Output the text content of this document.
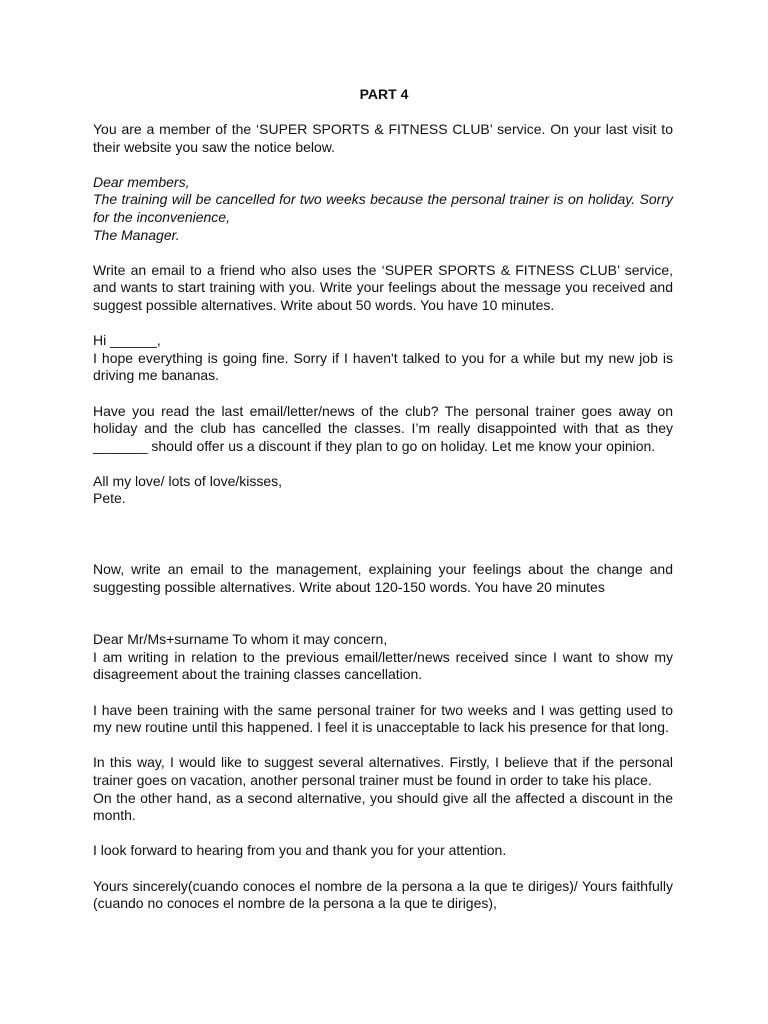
PART 4

You are a member of the ‘SUPER SPORTS & FITNESS CLUB’ service. On your last visit to their website you saw the notice below.

Dear members,
The training will be cancelled for two weeks because the personal trainer is on holiday. Sorry for the inconvenience,
The Manager.

Write an email to a friend who also uses the ‘SUPER SPORTS & FITNESS CLUB’ service, and wants to start training with you. Write your feelings about the message you received and suggest possible alternatives. Write about 50 words. You have 10 minutes.

Hi ______,

I hope everything is going fine. Sorry if I haven't talked to you for a while but my new job is driving me bananas.

Have you read the last email/letter/news of the club? The personal trainer goes away on holiday and the club has cancelled the classes. I’m really disappointed with that as they _______ should offer us a discount if they plan to go on holiday. Let me know your opinion.

All my love/ lots of love/kisses,
Pete.

Now, write an email to the management, explaining your feelings about the change and suggesting possible alternatives. Write about 120-150 words. You have 20 minutes

Dear Mr/Ms+surname To whom it may concern,

I am writing in relation to the previous email/letter/news received since I want to show my disagreement about the training classes cancellation.

I have been training with the same personal trainer for two weeks and I was getting used to my new routine until this happened. I feel it is unacceptable to lack his presence for that long.

In this way, I would like to suggest several alternatives. Firstly, I believe that if the personal trainer goes on vacation, another personal trainer must be found in order to take his place.

On the other hand, as a second alternative, you should give all the affected a discount in the month.

I look forward to hearing from you and thank you for your attention.

Yours sincerely(cuando conoces el nombre de la persona a la que te diriges)/ Yours faithfully (cuando no conoces el nombre de la persona a la que te diriges),
